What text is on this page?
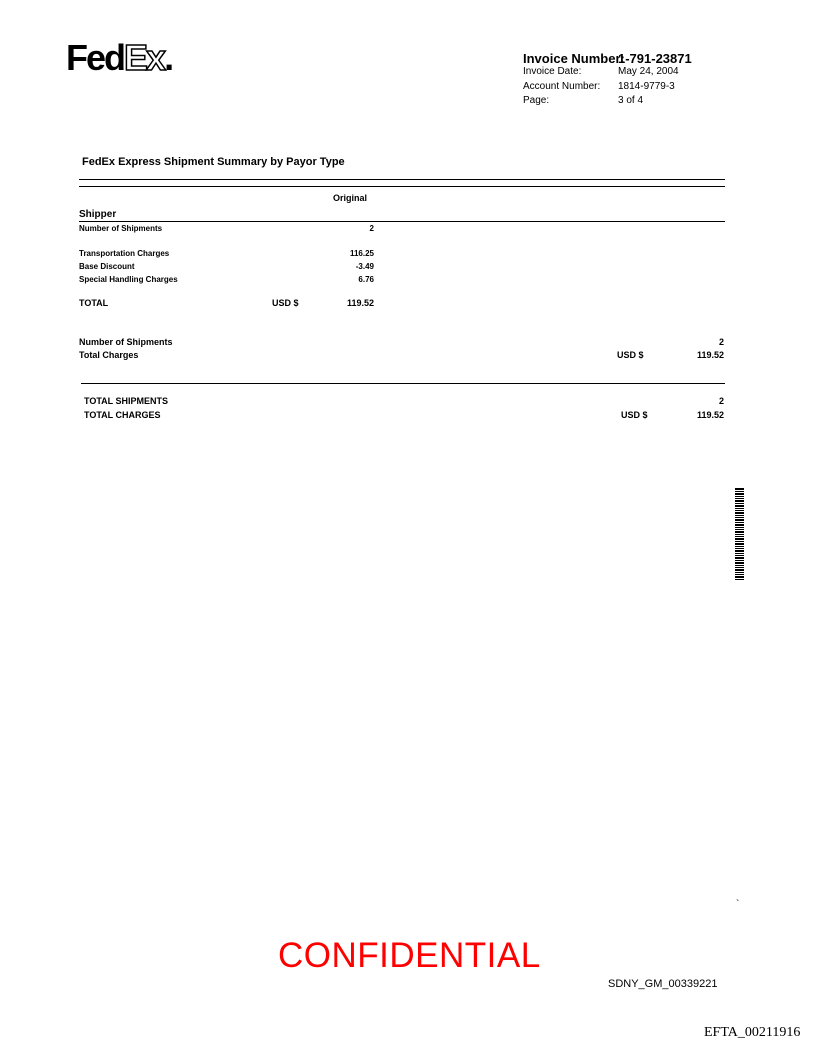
FedEx.	Invoice Number:
1-791-23871
Invoice Date:	May 24, 2004
Account Number: 1814-9779-3
Page:	3 of 4
FedEx Express Shipment Summary by Payor Type
Original
Shipper
Number of Shipments	2
Transportation Charges	116.25
Base Discount	-3.49
Special Handling Charges	6.76
TOTAL	USD $	119.52
Number of Shipments	2
Total Charges	USD $	119.52
TOTAL SHIPMENTS	2
TOTAL CHARGES	USD $	119.52
`
CONFIDENTIAL
SDNY_GM_00339221
EFTA_00211916
